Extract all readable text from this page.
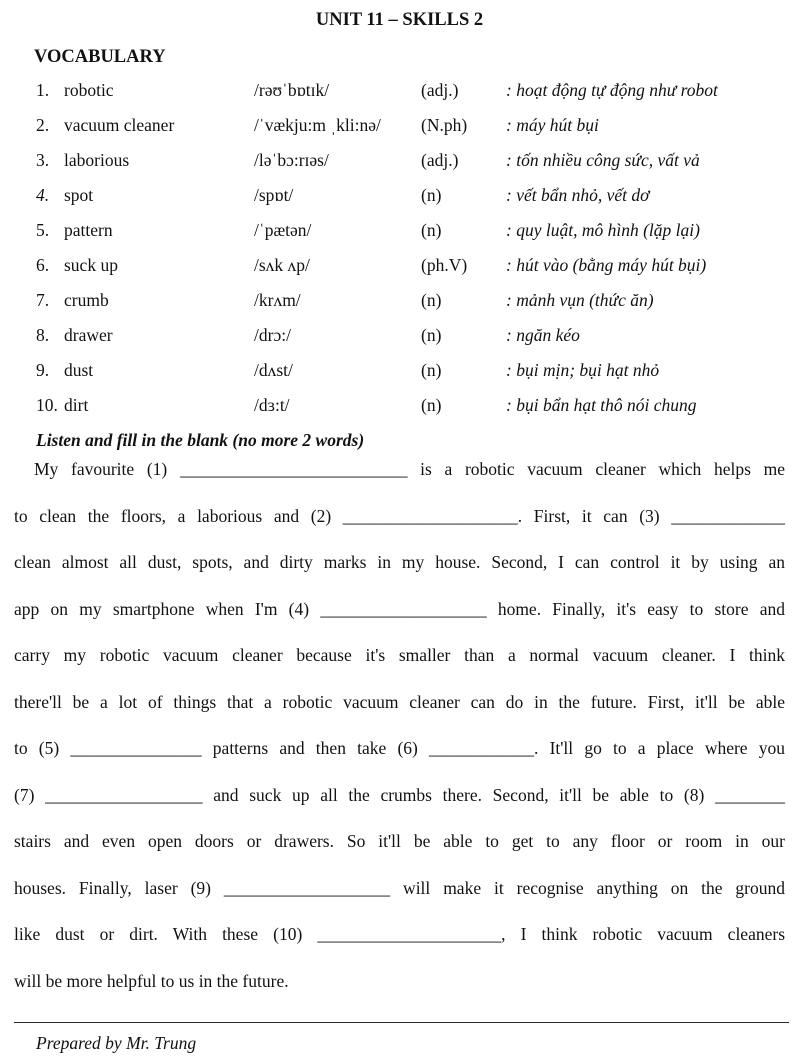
UNIT 11 – SKILLS 2
VOCABULARY
1. robotic	/rəʊˈbɒtɪk/	(adj.)	: hoạt động tự động như robot
2. vacuum cleaner	/ˈvækju:m ˌkli:nə/	(N.ph)	: máy hút bụi
3. laborious	/ləˈbɔ:rɪəs/	(adj.)	: tốn nhiều công sức, vất vả
4. spot	/spɒt/	(n)	: vết bẩn nhỏ, vết dơ
5. pattern	/ˈpætən/	(n)	: quy luật, mô hình (lặp lại)
6. suck up	/sʌk ʌp/	(ph.V)	: hút vào (bằng máy hút bụi)
7. crumb	/krʌm/	(n)	: mảnh vụn (thức ăn)
8. drawer	/drɔ:/	(n)	: ngăn kéo
9. dust	/dʌst/	(n)	: bụi mịn; bụi hạt nhỏ
10. dirt	/dɜ:t/	(n)	: bụi bẩn hạt thô nói chung
Listen and fill in the blank (no more 2 words)
My favourite (1) __________________________ is a robotic vacuum cleaner which helps me
to clean the floors, a laborious and (2) ____________________. First, it can (3) _____________
clean almost all dust, spots, and dirty marks in my house. Second, I can control it by using an
app on my smartphone when I'm (4) ___________________ home. Finally, it's easy to store and
carry my robotic vacuum cleaner because it's smaller than a normal vacuum cleaner. I think
there'll be a lot of things that a robotic vacuum cleaner can do in the future. First, it'll be able
to (5) _______________ patterns and then take (6) ____________. It'll go to a place where you
(7) __________________ and suck up all the crumbs there. Second, it'll be able to (8) ________
stairs and even open doors or drawers. So it'll be able to get to any floor or room in our
houses. Finally, laser (9) ___________________ will make it recognise anything on the ground
like dust or dirt. With these (10) _____________________, I think robotic vacuum cleaners
will be more helpful to us in the future.
Prepared by Mr. Trung
